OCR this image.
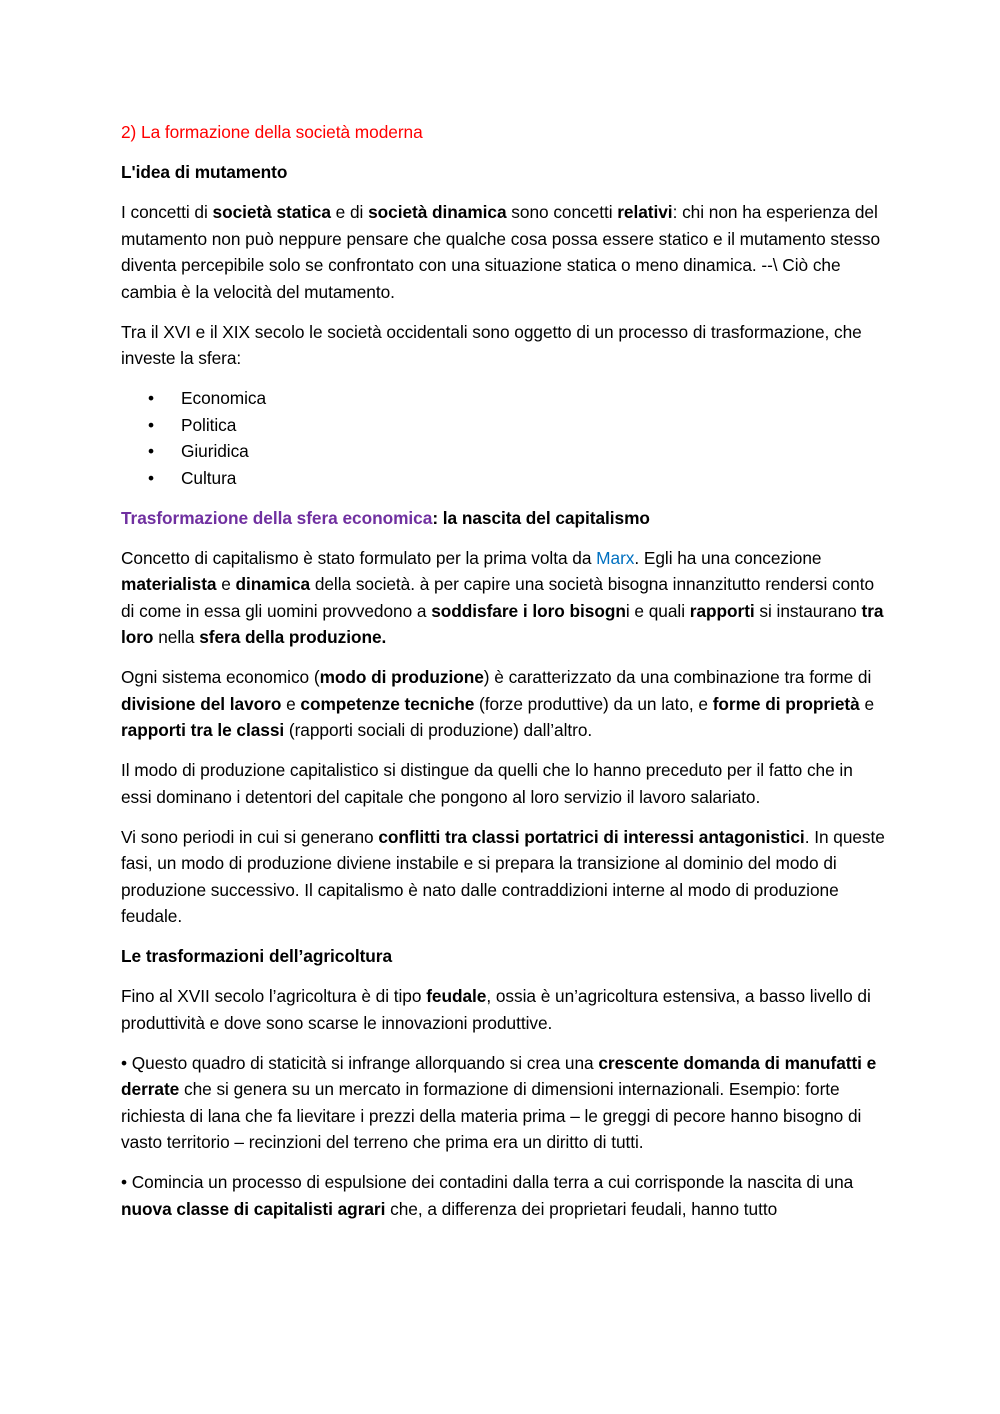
2) La formazione della società moderna

L'idea di mutamento

I concetti di società statica e di società dinamica sono concetti relativi: chi non ha esperienza del mutamento non può neppure pensare che qualche cosa possa essere statico e il mutamento stesso diventa percepibile solo se confrontato con una situazione statica o meno dinamica. --\ Ciò che cambia è la velocità del mutamento.

Tra il XVI e il XIX secolo le società occidentali sono oggetto di un processo di trasformazione, che investe la sfera:

• Economica
• Politica
• Giuridica
• Cultura

Trasformazione della sfera economica: la nascita del capitalismo

Concetto di capitalismo è stato formulato per la prima volta da Marx. Egli ha una concezione materialista e dinamica della società. à per capire una società bisogna innanzitutto rendersi conto di come in essa gli uomini provvedono a soddisfare i loro bisogni e quali rapporti si instaurano tra loro nella sfera della produzione.

Ogni sistema economico (modo di produzione) è caratterizzato da una combinazione tra forme di divisione del lavoro e competenze tecniche (forze produttive) da un lato, e forme di proprietà e rapporti tra le classi (rapporti sociali di produzione) dall’altro.

Il modo di produzione capitalistico si distingue da quelli che lo hanno preceduto per il fatto che in essi dominano i detentori del capitale che pongono al loro servizio il lavoro salariato.

Vi sono periodi in cui si generano conflitti tra classi portatrici di interessi antagonistici. In queste fasi, un modo di produzione diviene instabile e si prepara la transizione al dominio del modo di produzione successivo. Il capitalismo è nato dalle contraddizioni interne al modo di produzione feudale.

Le trasformazioni dell’agricoltura

Fino al XVII secolo l’agricoltura è di tipo feudale, ossia è un’agricoltura estensiva, a basso livello di produttività e dove sono scarse le innovazioni produttive.

• Questo quadro di staticità si infrange allorquando si crea una crescente domanda di manufatti e derrate che si genera su un mercato in formazione di dimensioni internazionali. Esempio: forte richiesta di lana che fa lievitare i prezzi della materia prima – le greggi di pecore hanno bisogno di vasto territorio – recinzioni del terreno che prima era un diritto di tutti.

• Comincia un processo di espulsione dei contadini dalla terra a cui corrisponde la nascita di una nuova classe di capitalisti agrari che, a differenza dei proprietari feudali, hanno tutto
